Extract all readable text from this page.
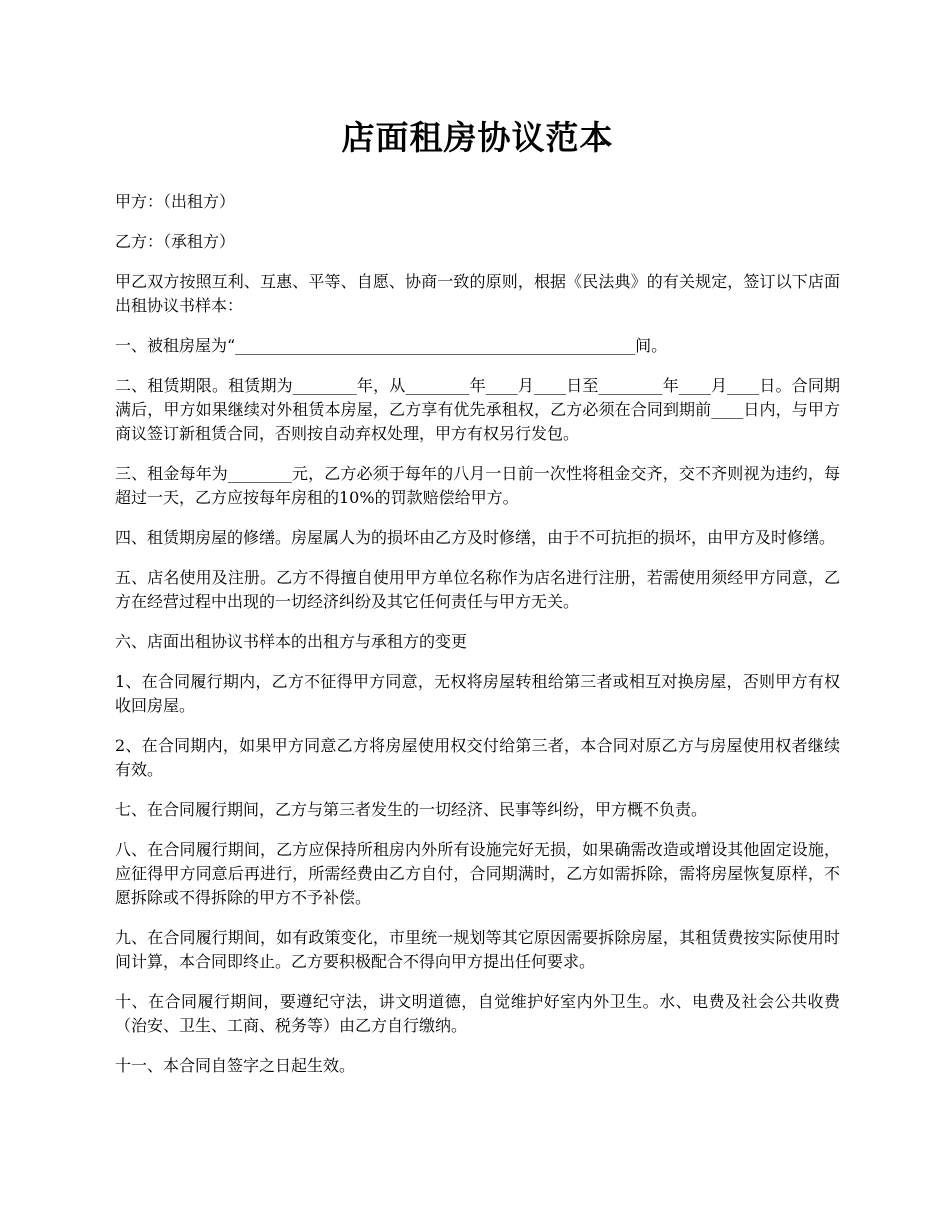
店面租房协议范本

甲方：（出租方）

乙方：（承租方）

甲乙双方按照互利、互惠、平等、自愿、协商一致的原则，根据《民法典》的有关规定，签订以下店面出租协议书样本：

一、被租房屋为“__________________________________________________间。

二、租赁期限。租赁期为________年，从________年____月____日至________年____月____日。合同期满后，甲方如果继续对外租赁本房屋，乙方享有优先承租权，乙方必须在合同到期前____日内，与甲方商议签订新租赁合同，否则按自动弃权处理，甲方有权另行发包。

三、租金每年为________元，乙方必须于每年的八月一日前一次性将租金交齐，交不齐则视为违约，每超过一天，乙方应按每年房租的10%的罚款赔偿给甲方。

四、租赁期房屋的修缮。房屋属人为的损坏由乙方及时修缮，由于不可抗拒的损坏，由甲方及时修缮。

五、店名使用及注册。乙方不得擅自使用甲方单位名称作为店名进行注册，若需使用须经甲方同意，乙方在经营过程中出现的一切经济纠纷及其它任何责任与甲方无关。

六、店面出租协议书样本的出租方与承租方的变更

1、在合同履行期内，乙方不征得甲方同意，无权将房屋转租给第三者或相互对换房屋，否则甲方有权收回房屋。

2、在合同期内，如果甲方同意乙方将房屋使用权交付给第三者，本合同对原乙方与房屋使用权者继续有效。

七、在合同履行期间，乙方与第三者发生的一切经济、民事等纠纷，甲方概不负责。

八、在合同履行期间，乙方应保持所租房内外所有设施完好无损，如果确需改造或增设其他固定设施，应征得甲方同意后再进行，所需经费由乙方自付，合同期满时，乙方如需拆除，需将房屋恢复原样，不愿拆除或不得拆除的甲方不予补偿。

九、在合同履行期间，如有政策变化，市里统一规划等其它原因需要拆除房屋，其租赁费按实际使用时间计算，本合同即终止。乙方要积极配合不得向甲方提出任何要求。

十、在合同履行期间，要遵纪守法，讲文明道德，自觉维护好室内外卫生。水、电费及社会公共收费（治安、卫生、工商、税务等）由乙方自行缴纳。

十一、本合同自签字之日起生效。
